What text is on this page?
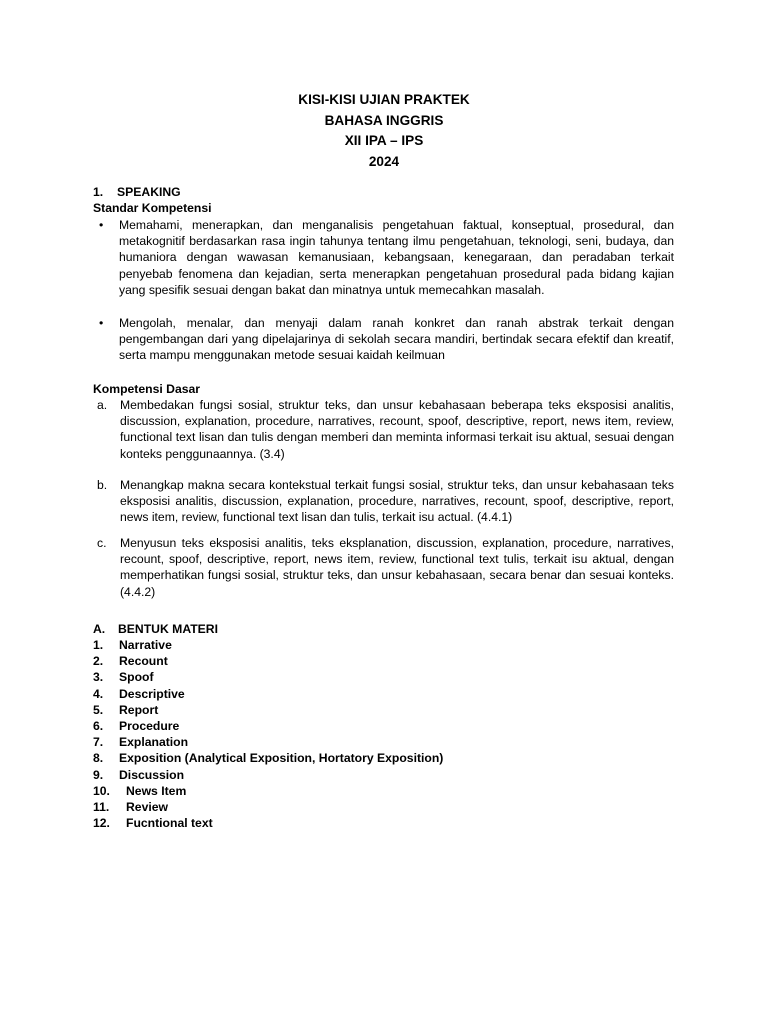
KISI-KISI UJIAN PRAKTEK
BAHASA INGGRIS
XII IPA – IPS
2024
1. SPEAKING
Standar Kompetensi
•	Memahami, menerapkan, dan menganalisis pengetahuan faktual, konseptual, prosedural, dan metakognitif berdasarkan rasa ingin tahunya tentang ilmu pengetahuan, teknologi, seni, budaya, dan humaniora dengan wawasan kemanusiaan, kebangsaan, kenegaraan, dan peradaban terkait penyebab fenomena dan kejadian, serta menerapkan pengetahuan prosedural pada bidang kajian yang spesifik sesuai dengan bakat dan minatnya untuk memecahkan masalah.
•	Mengolah, menalar, dan menyaji dalam ranah konkret dan ranah abstrak terkait dengan pengembangan dari yang dipelajarinya di sekolah secara mandiri, bertindak secara efektif dan kreatif, serta mampu menggunakan metode sesuai kaidah keilmuan
Kompetensi Dasar
a.	Membedakan fungsi sosial, struktur teks, dan unsur kebahasaan beberapa teks eksposisi analitis, discussion, explanation, procedure, narratives, recount, spoof, descriptive, report, news item, review, functional text lisan dan tulis dengan memberi dan meminta informasi terkait isu aktual, sesuai dengan konteks penggunaannya. (3.4)
b.	Menangkap makna secara kontekstual terkait fungsi sosial, struktur teks, dan unsur kebahasaan teks eksposisi analitis, discussion, explanation, procedure, narratives, recount, spoof, descriptive, report, news item, review, functional text lisan dan tulis, terkait isu actual. (4.4.1)
c.	Menyusun teks eksposisi analitis, teks eksplanation, discussion, explanation, procedure, narratives, recount, spoof, descriptive, report, news item, review, functional text tulis, terkait isu aktual, dengan memperhatikan fungsi sosial, struktur teks, dan unsur kebahasaan, secara benar dan sesuai konteks. (4.4.2)
A. BENTUK MATERI
1.	Narrative
2.	Recount
3.	Spoof
4.	Descriptive
5.	Report
6.	Procedure
7.	Explanation
8.	Exposition (Analytical Exposition, Hortatory Exposition)
9.	Discussion
10.	News Item
11.	Review
12.	Fucntional text
